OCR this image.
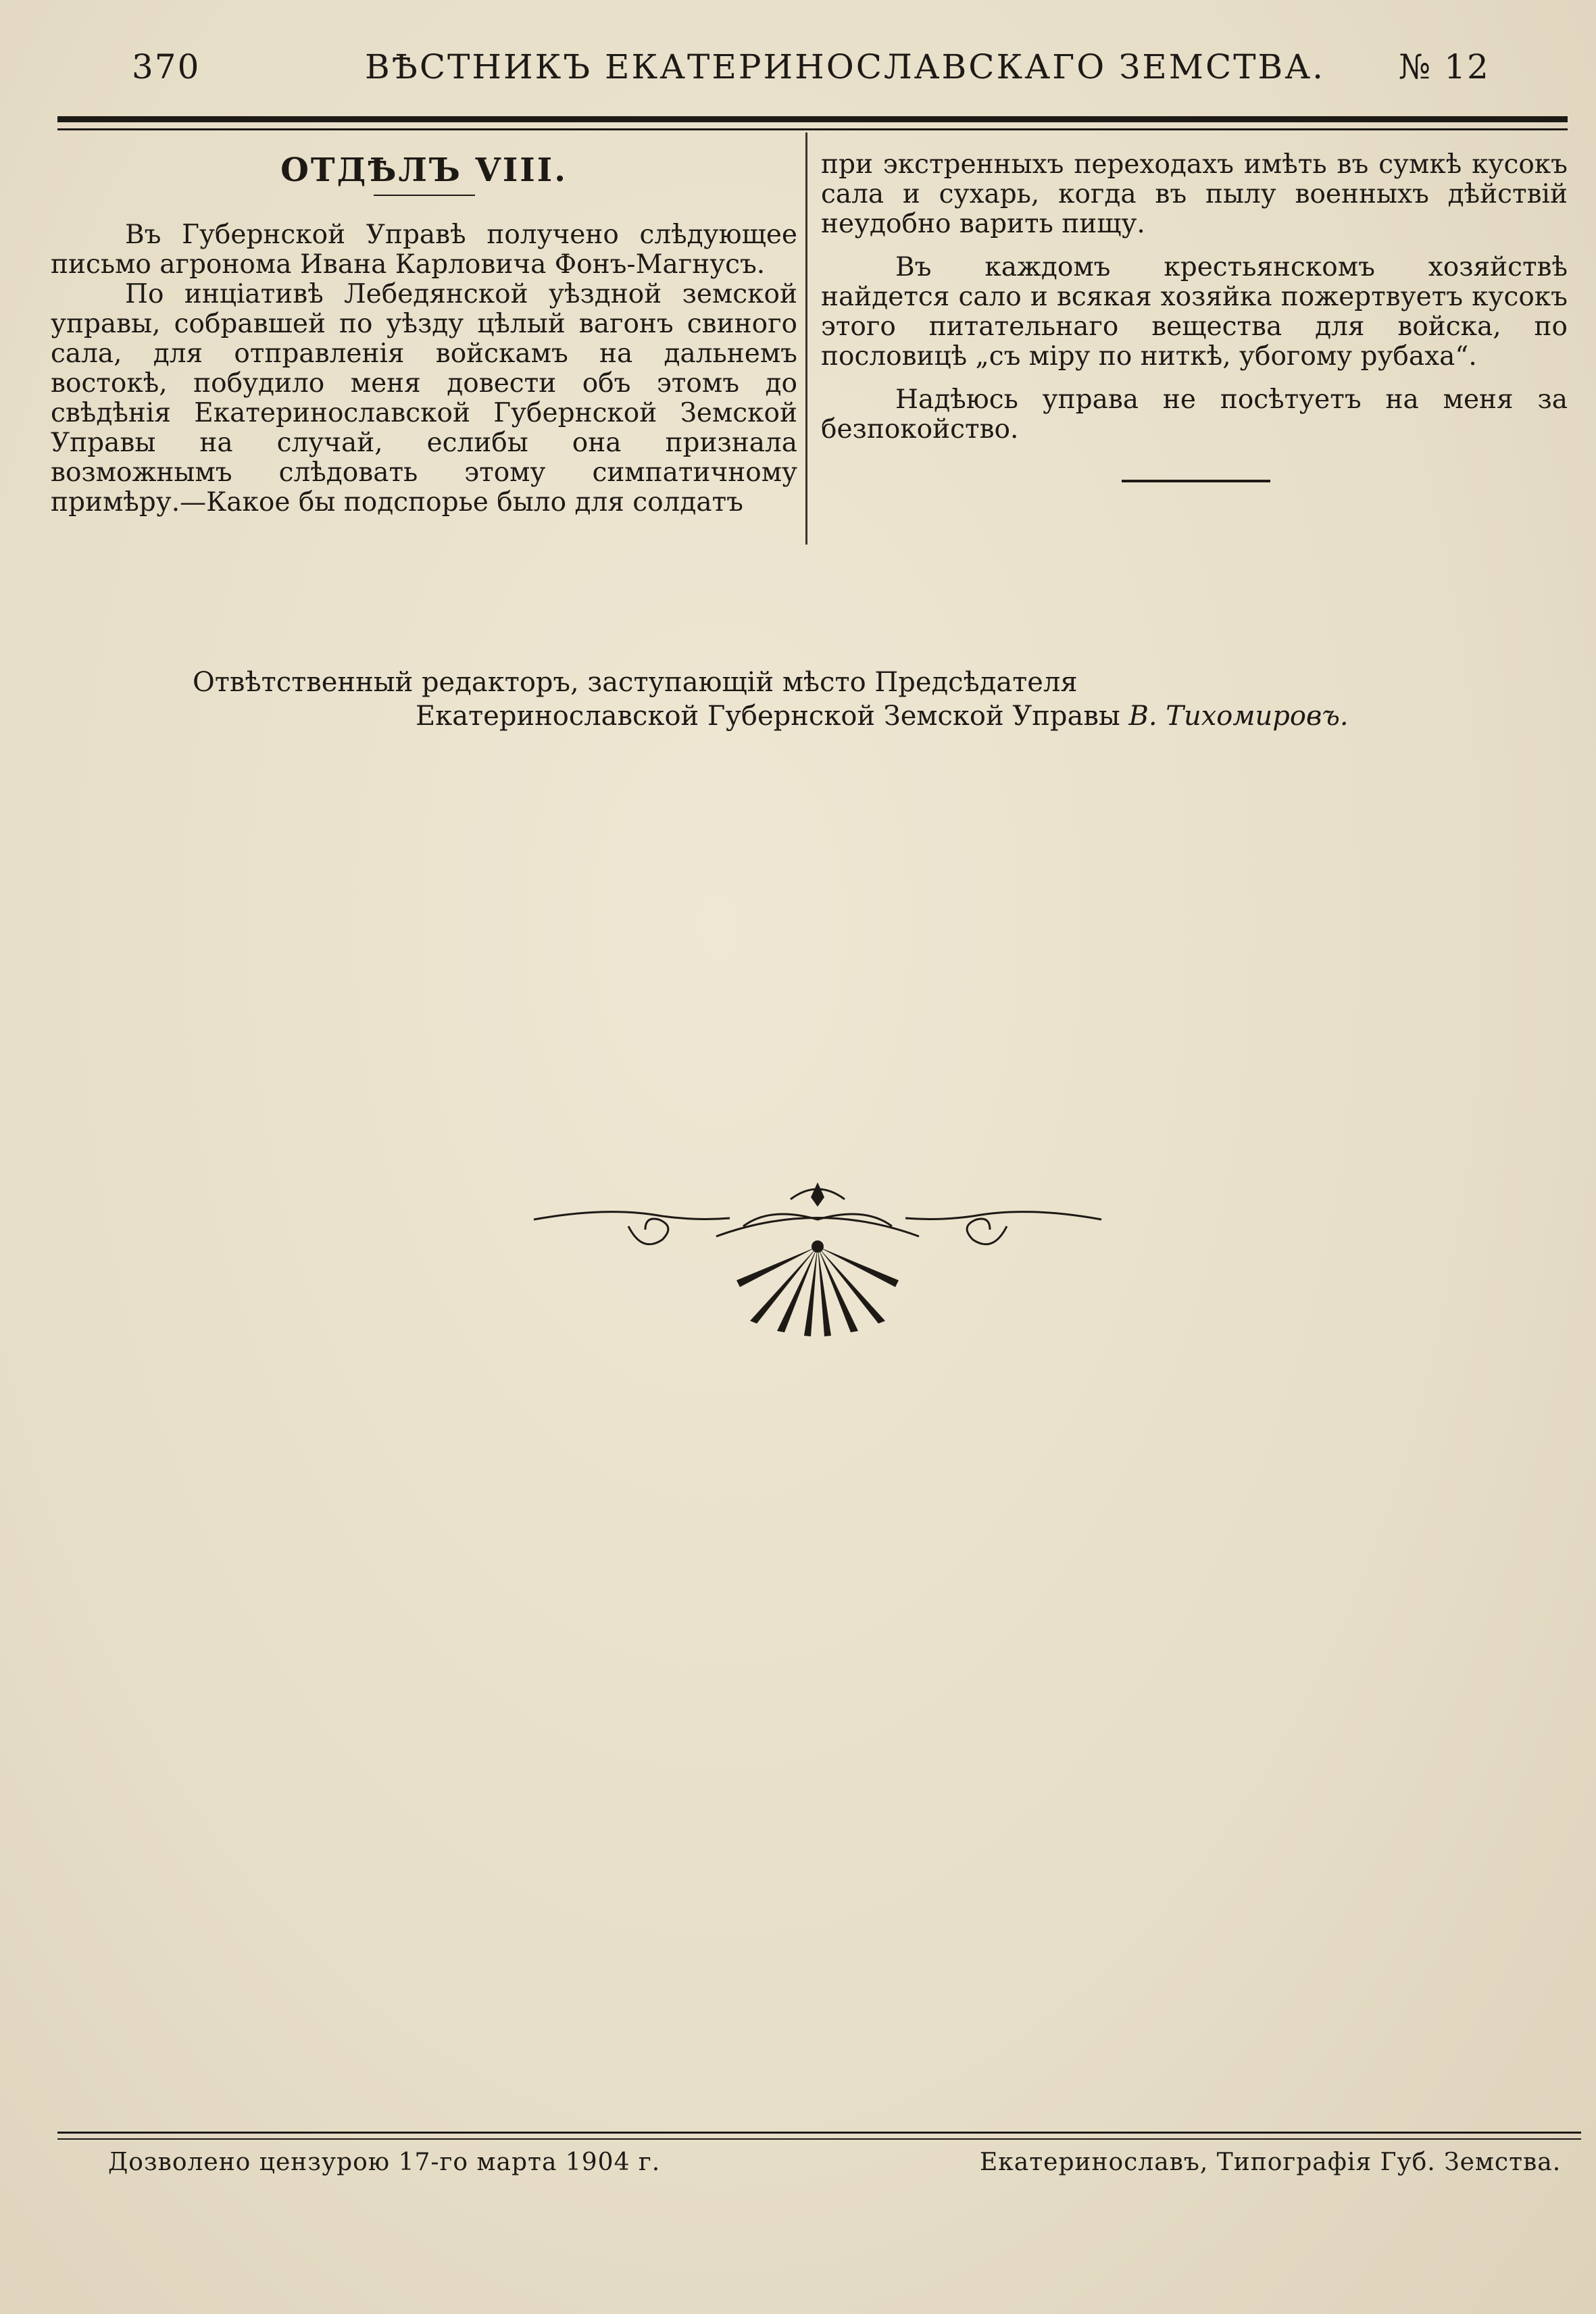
370	ВѢСТНИКЪ ЕКАТЕРИНОСЛАВСКАГО ЗЕМСТВА. № 12
ОТДѢЛЪ VIII.

Въ Губернской Управѣ получено слѣдующее письмо агронома Ивана Карловича Фонъ-Магнусъ.

По инціативѣ Лебедянской уѣздной земской управы, собравшей по уѣзду цѣлый вагонъ свиного сала, для отправленія войскамъ на дальнемъ востокѣ, побудило меня довести объ этомъ до свѣдѣнія Екатеринославской Губернской Земской Управы на случай, еслибы она признала возможнымъ слѣдовать этому симпатичному примѣру.—Какое бы подспорье было для солдатъ

при экстренныхъ переходахъ имѣть въ сумкѣ кусокъ сала и сухарь, когда въ пылу военныхъ дѣйствій неудобно варить пищу.

Въ каждомъ крестьянскомъ хозяйствѣ найдется сало и всякая хозяйка пожертвуетъ кусокъ этого питательнаго вещества для войска, по пословицѣ „съ міру по ниткѣ, убогому рубаха“.

Надѣюсь управа не посѣтуетъ на меня за безпокойство.

Отвѣтственный редакторъ, заступающій мѣсто Предсѣдателя
Екатеринославской Губернской Земской Управы В. Тихомировъ.
Дозволено цензурою 17-го марта 1904 г.	Екатеринославъ, Типографія Губ. Земства.
